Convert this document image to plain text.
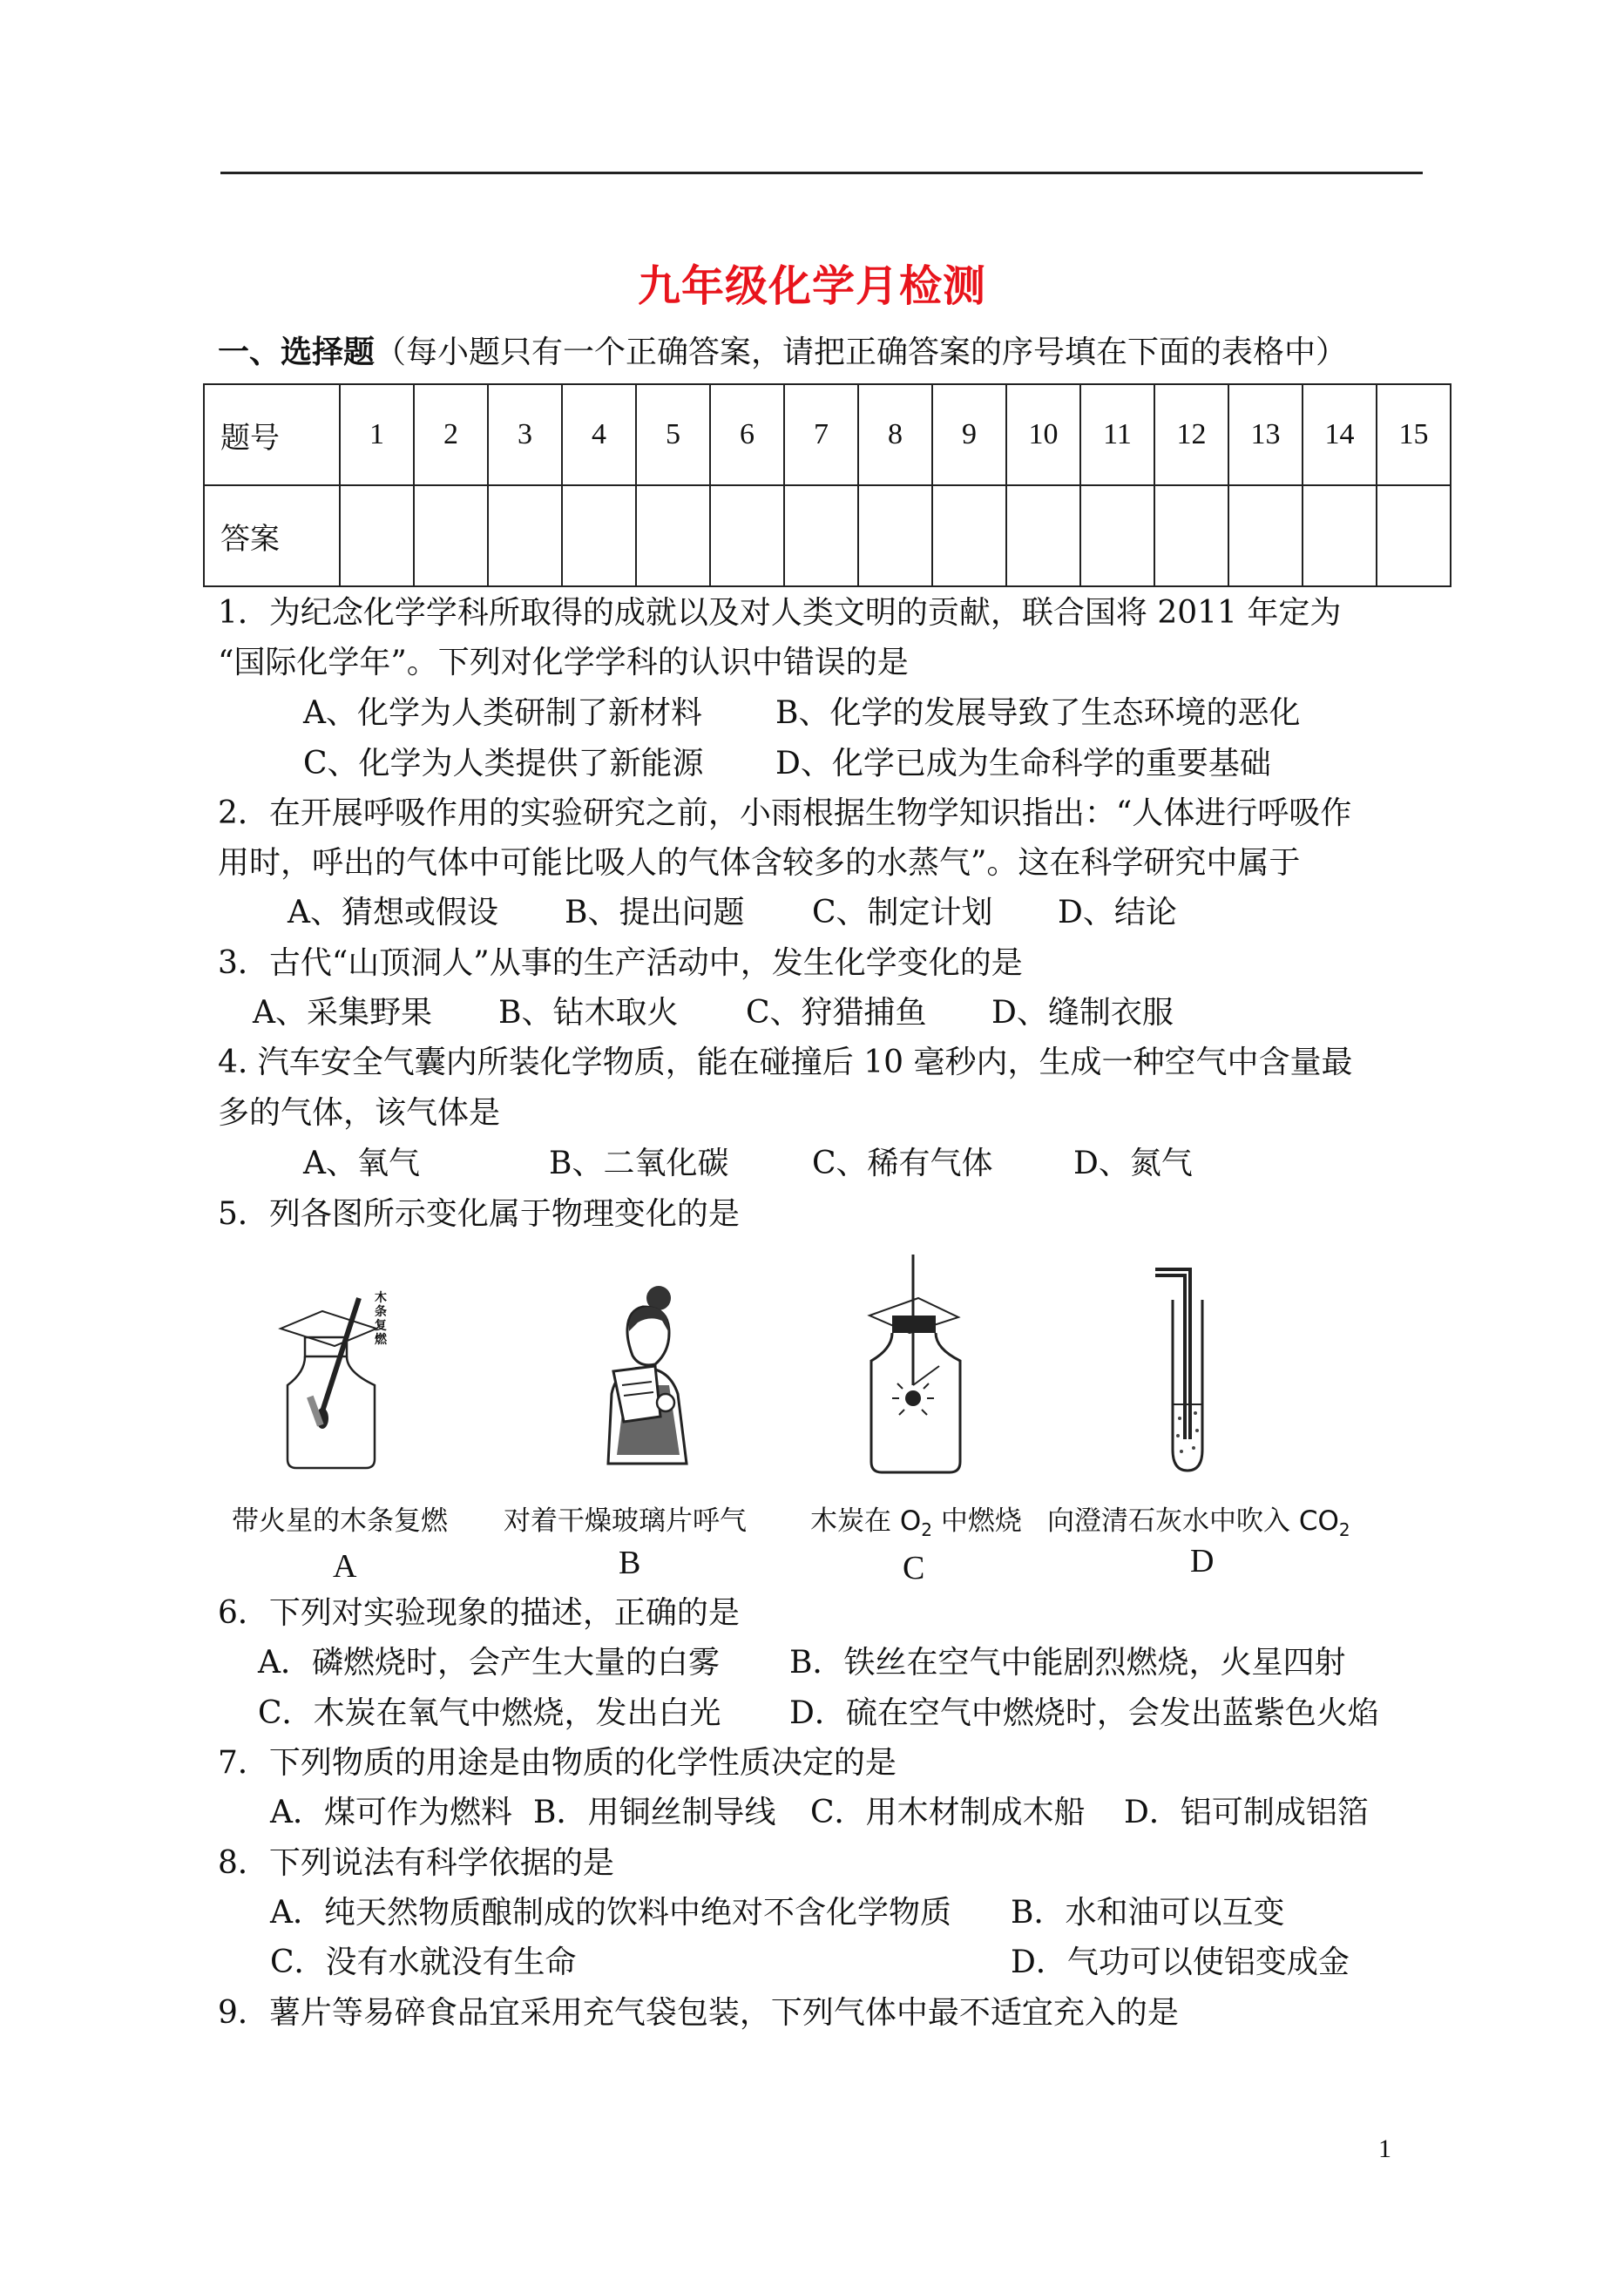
九年级化学月检测
一、选择题（每小题只有一个正确答案，请把正确答案的序号填在下面的表格中）
题号	1	2	3	4	5	6	7	8	9	10	11	12	13	14	15
答案															
1．为纪念化学学科所取得的成就以及对人类文明的贡献，联合国将 2011 年定为
“国际化学年”。下列对化学学科的认识中错误的是
A、化学为人类研制了新材料 B、化学的发展导致了生态环境的恶化
C、化学为人类提供了新能源 D、化学已成为生命科学的重要基础
2．在开展呼吸作用的实验研究之前，小雨根据生物学知识指出：“人体进行呼吸作
用时，呼出的气体中可能比吸人的气体含较多的水蒸气”。这在科学研究中属于
A、猜想或假设 B、提出问题 C、制定计划 D、结论
3．古代“山顶洞人”从事的生产活动中，发生化学变化的是
A、采集野果 B、钻木取火 C、狩猎捕鱼 D、缝制衣服
4. 汽车安全气囊内所装化学物质，能在碰撞后 10 毫秒内，生成一种空气中含量最
多的气体，该气体是
A、氧气	B、二氧化碳	C、稀有气体	D、氮气
5．列各图所示变化属于物理变化的是
木条复燃
带火星的木条复燃 对着干燥玻璃片呼气 木炭在 $O_2$ 中燃烧 向澄清石灰水中吹入 $CO_2$
A	B	C	D
6．下列对实验现象的描述，正确的是
A．磷燃烧时，会产生大量的白雾 B．铁丝在空气中能剧烈燃烧，火星四射
C．木炭在氧气中燃烧，发出白光 D．硫在空气中燃烧时，会发出蓝紫色火焰
7．下列物质的用途是由物质的化学性质决定的是
A．煤可作为燃料 B．用铜丝制导线 C．用木材制成木船 D．铝可制成铝箔
8．下列说法有科学依据的是
A．纯天然物质酿制成的饮料中绝对不含化学物质 B．水和油可以互变
C．没有水就没有生命	D．气功可以使铝变成金
9．薯片等易碎食品宜采用充气袋包装，下列气体中最不适宜充入的是
1
